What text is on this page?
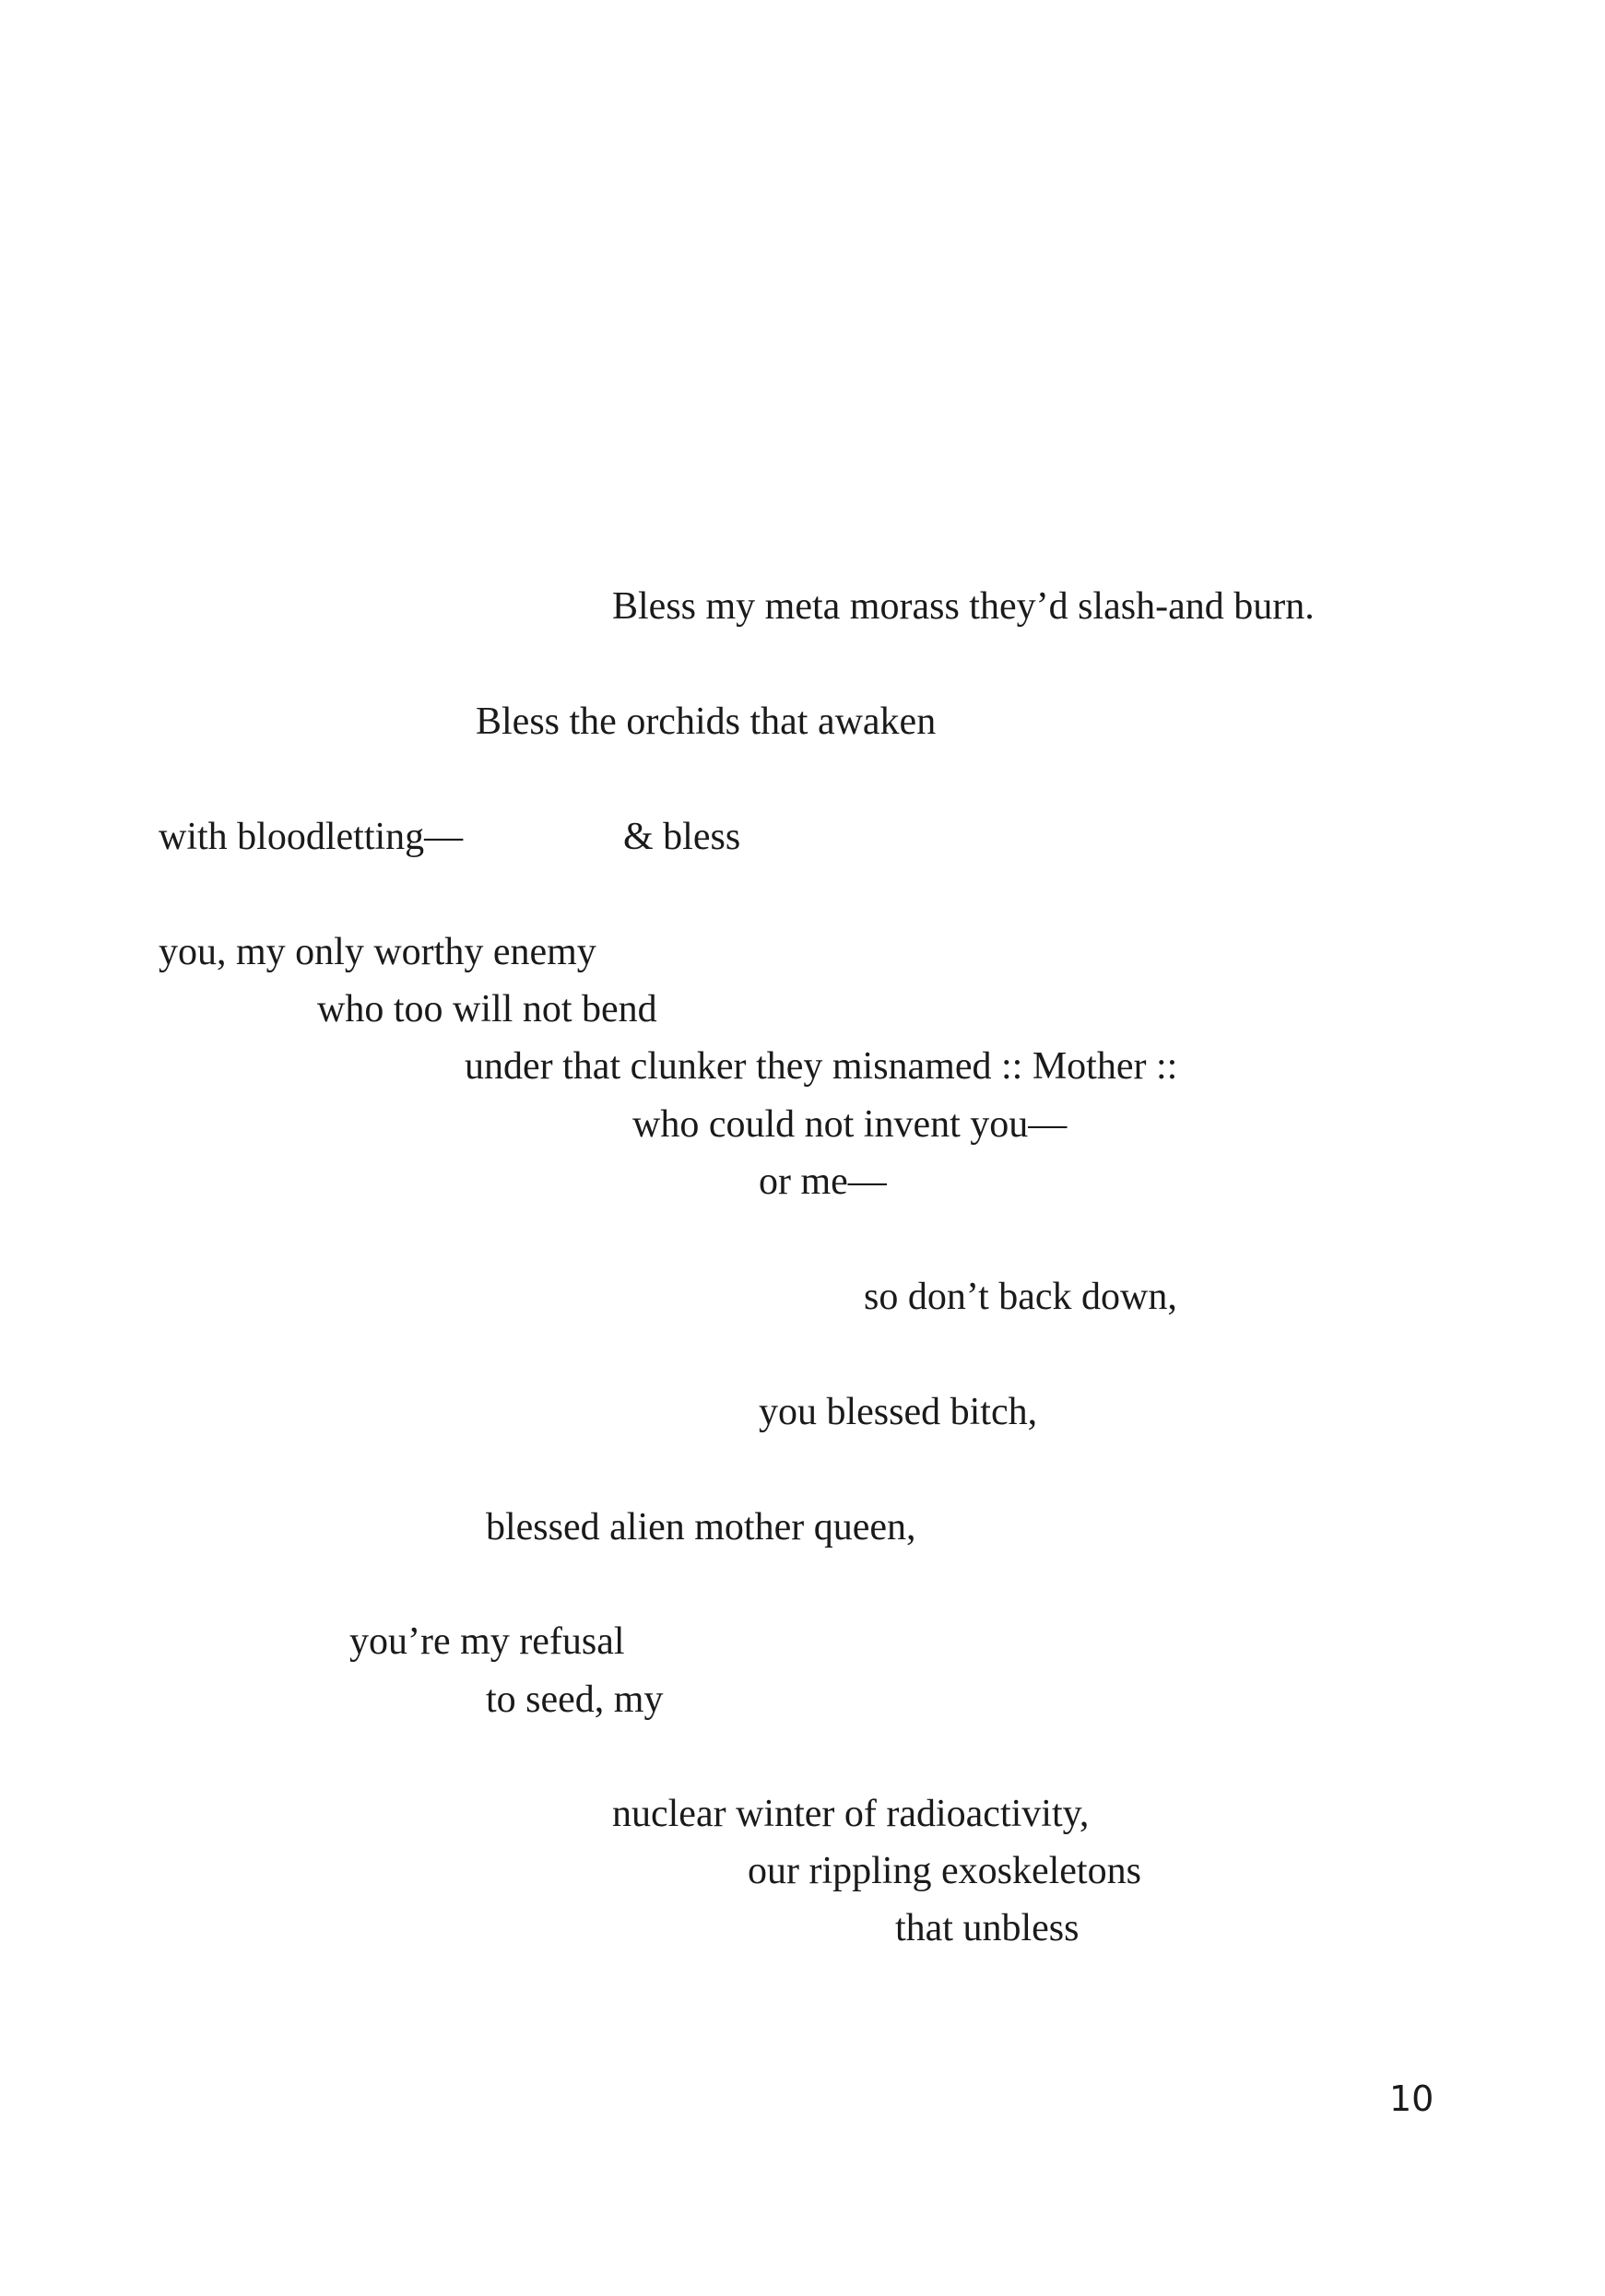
Bless my meta morass they’d slash-and burn.
Bless the orchids that awaken
with bloodletting—	& bless
you, my only worthy enemy
who too will not bend
under that clunker they misnamed :: Mother ::
who could not invent you—
or me—
so don’t back down,
you blessed bitch,
blessed alien mother queen,
you’re my refusal
to seed, my
nuclear winter of radioactivity,
our rippling exoskeletons
that unbless
10
